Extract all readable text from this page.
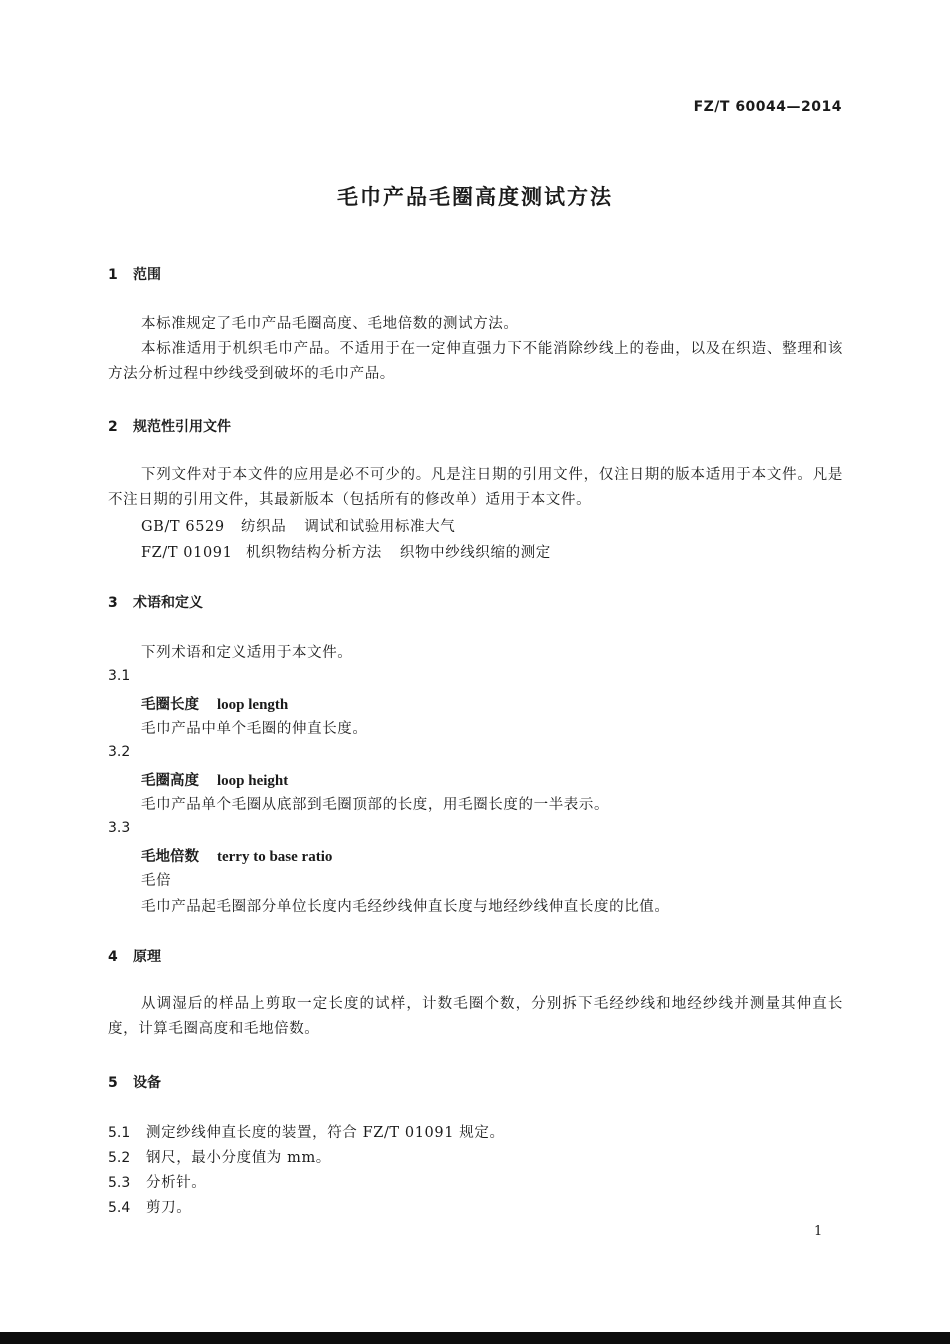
FZ/T 60044—2014
毛巾产品毛圈高度测试方法
1 范围

本标准规定了毛巾产品毛圈高度、毛地倍数的测试方法。

本标准适用于机织毛巾产品。不适用于在一定伸直强力下不能消除纱线上的卷曲，以及在织造、整理和该方法分析过程中纱线受到破坏的毛巾产品。

2 规范性引用文件

下列文件对于本文件的应用是必不可少的。凡是注日期的引用文件，仅注日期的版本适用于本文件。凡是不注日期的引用文件，其最新版本（包括所有的修改单）适用于本文件。

GB/T 6529 纺织品 调试和试验用标准大气
FZ/T 01091 机织物结构分析方法 织物中纱线织缩的测定
3 术语和定义
下列术语和定义适用于本文件。
3.1
毛圈长度 loop length
毛巾产品中单个毛圈的伸直长度。
3.2
毛圈高度 loop height
毛巾产品单个毛圈从底部到毛圈顶部的长度，用毛圈长度的一半表示。
3.3
毛地倍数 terry to base ratio
毛倍
毛巾产品起毛圈部分单位长度内毛经纱线伸直长度与地经纱线伸直长度的比值。
4 原理

从调湿后的样品上剪取一定长度的试样，计数毛圈个数，分别拆下毛经纱线和地经纱线并测量其伸直长度，计算毛圈高度和毛地倍数。

5 设备
5.1 测定纱线伸直长度的装置，符合 FZ/T 01091 规定。
5.2 钢尺，最小分度值为 mm。
5.3 分析针。
5.4 剪刀。
1
